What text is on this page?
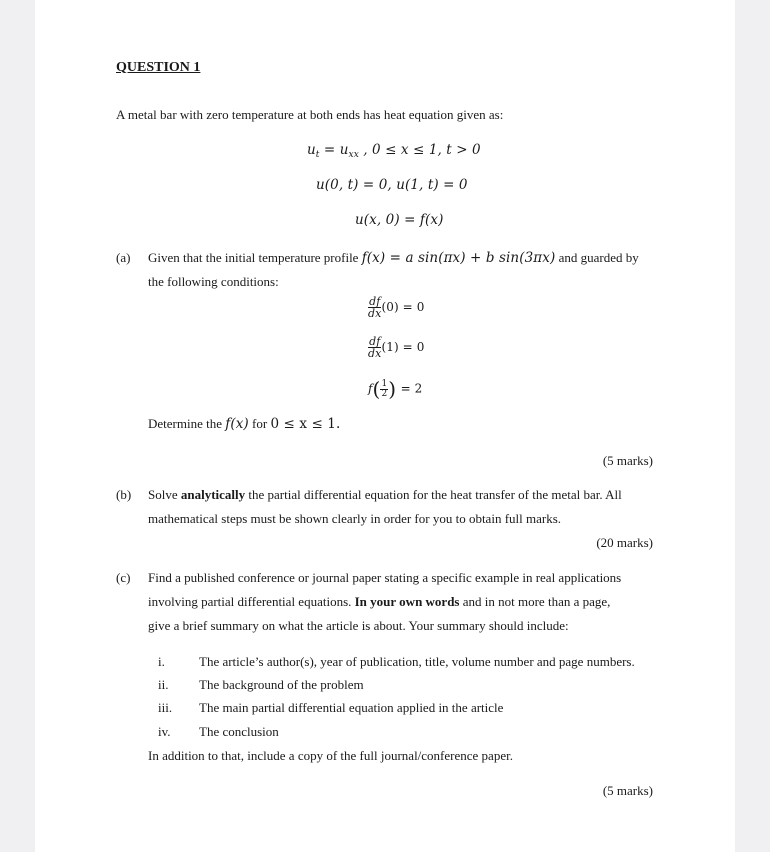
QUESTION 1
A metal bar with zero temperature at both ends has heat equation given as:
$u_t = u_{xx}$ , 0 ≤ x ≤ 1, t > 0
u(0, t) = 0, u(1, t) = 0
u(x, 0) = f(x)
(a) Given that the initial temperature profile f(x) = a sin(πx) + b sin(3πx) and guarded by
the following conditions:
$\frac{df}{dx} (0) = 0$
$\frac{df}{dx} (1) = 0$
$f( \frac{1}{2}) = 2$
Determine the f(x) for 0 ≤ x ≤ 1.
(5 marks)
(b) Solve analytically the partial differential equation for the heat transfer of the metal bar. All
mathematical steps must be shown clearly in order for you to obtain full marks.
(20 marks)
(c) Find a published conference or journal paper stating a specific example in real applications
involving partial differential equations. In your own words and in not more than a page,
give a brief summary on what the article is about. Your summary should include:
i.	The article’s author(s), year of publication, title, volume number and page numbers.
ii. The background of the problem
iii. The main partial differential equation applied in the article
iv. The conclusion
In addition to that, include a copy of the full journal/conference paper.
(5 marks)
